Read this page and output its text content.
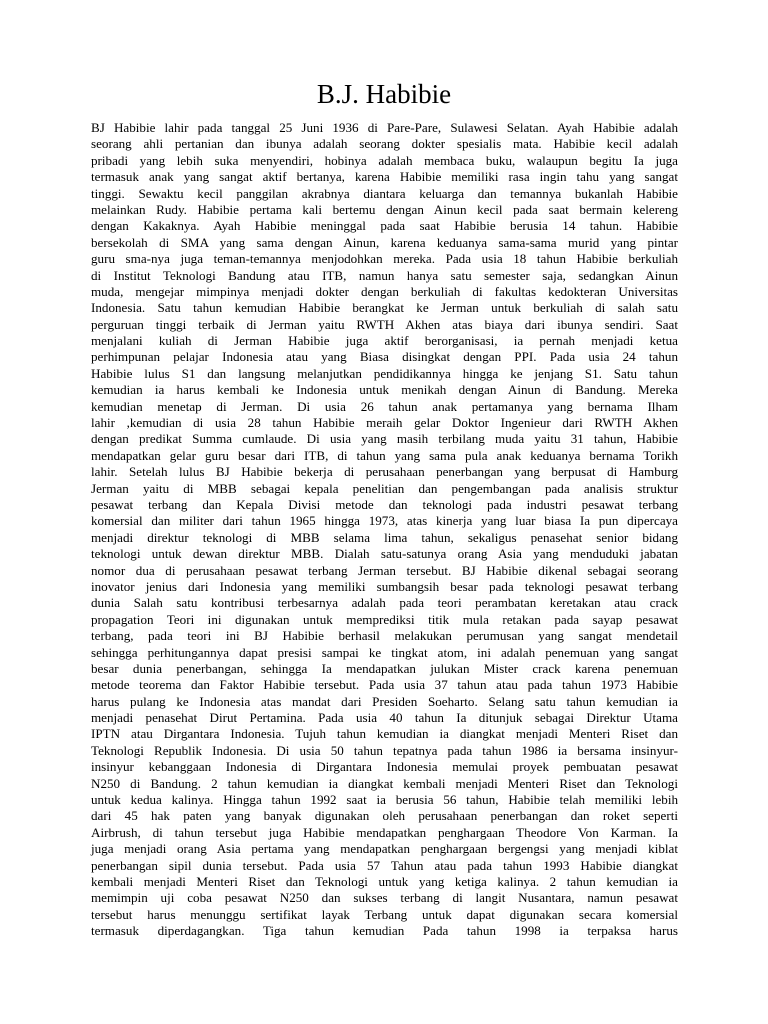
B.J. Habibie
BJ Habibie lahir pada tanggal 25 Juni 1936 di Pare-Pare, Sulawesi Selatan. Ayah Habibie adalah
seorang ahli pertanian dan ibunya adalah seorang dokter spesialis mata. Habibie kecil adalah
pribadi yang lebih suka menyendiri, hobinya adalah membaca buku, walaupun begitu Ia juga
termasuk anak yang sangat aktif bertanya, karena Habibie memiliki rasa ingin tahu yang sangat
tinggi. Sewaktu kecil panggilan akrabnya diantara keluarga dan temannya bukanlah Habibie
melainkan Rudy. Habibie pertama kali bertemu dengan Ainun kecil pada saat bermain kelereng
dengan Kakaknya. Ayah Habibie meninggal pada saat Habibie berusia 14 tahun. Habibie
bersekolah di SMA yang sama dengan Ainun, karena keduanya sama-sama murid yang pintar
guru sma-nya juga teman-temannya menjodohkan mereka. Pada usia 18 tahun Habibie berkuliah
di Institut Teknologi Bandung atau ITB, namun hanya satu semester saja, sedangkan Ainun
muda, mengejar mimpinya menjadi dokter dengan berkuliah di fakultas kedokteran Universitas
Indonesia. Satu tahun kemudian Habibie berangkat ke Jerman untuk berkuliah di salah satu
perguruan tinggi terbaik di Jerman yaitu RWTH Akhen atas biaya dari ibunya sendiri. Saat
menjalani kuliah di Jerman Habibie juga aktif berorganisasi, ia pernah menjadi ketua
perhimpunan pelajar Indonesia atau yang Biasa disingkat dengan PPI. Pada usia 24 tahun
Habibie lulus S1 dan langsung melanjutkan pendidikannya hingga ke jenjang S1. Satu tahun
kemudian ia harus kembali ke Indonesia untuk menikah dengan Ainun di Bandung. Mereka
kemudian menetap di Jerman. Di usia 26 tahun anak pertamanya yang bernama Ilham
lahir ,kemudian di usia 28 tahun Habibie meraih gelar Doktor Ingenieur dari RWTH Akhen
dengan predikat Summa cumlaude. Di usia yang masih terbilang muda yaitu 31 tahun, Habibie
mendapatkan gelar guru besar dari ITB, di tahun yang sama pula anak keduanya bernama Torikh
lahir. Setelah lulus BJ Habibie bekerja di perusahaan penerbangan yang berpusat di Hamburg
Jerman yaitu di MBB sebagai kepala penelitian dan pengembangan pada analisis struktur
pesawat terbang dan Kepala Divisi metode dan teknologi pada industri pesawat terbang
komersial dan militer dari tahun 1965 hingga 1973, atas kinerja yang luar biasa Ia pun dipercaya
menjadi direktur teknologi di MBB selama lima tahun, sekaligus penasehat senior bidang
teknologi untuk dewan direktur MBB. Dialah satu-satunya orang Asia yang menduduki jabatan
nomor dua di perusahaan pesawat terbang Jerman tersebut. BJ Habibie dikenal sebagai seorang
inovator jenius dari Indonesia yang memiliki sumbangsih besar pada teknologi pesawat terbang
dunia Salah satu kontribusi terbesarnya adalah pada teori perambatan keretakan atau crack
propagation Teori ini digunakan untuk memprediksi titik mula retakan pada sayap pesawat
terbang, pada teori ini BJ Habibie berhasil melakukan perumusan yang sangat mendetail
sehingga perhitungannya dapat presisi sampai ke tingkat atom, ini adalah penemuan yang sangat
besar dunia penerbangan, sehingga Ia mendapatkan julukan Mister crack karena penemuan
metode teorema dan Faktor Habibie tersebut. Pada usia 37 tahun atau pada tahun 1973 Habibie
harus pulang ke Indonesia atas mandat dari Presiden Soeharto. Selang satu tahun kemudian ia
menjadi penasehat Dirut Pertamina. Pada usia 40 tahun Ia ditunjuk sebagai Direktur Utama
IPTN atau Dirgantara Indonesia. Tujuh tahun kemudian ia diangkat menjadi Menteri Riset dan
Teknologi Republik Indonesia. Di usia 50 tahun tepatnya pada tahun 1986 ia bersama insinyur-
insinyur kebanggaan Indonesia di Dirgantara Indonesia memulai proyek pembuatan pesawat
N250 di Bandung. 2 tahun kemudian ia diangkat kembali menjadi Menteri Riset dan Teknologi
untuk kedua kalinya. Hingga tahun 1992 saat ia berusia 56 tahun, Habibie telah memiliki lebih
dari 45 hak paten yang banyak digunakan oleh perusahaan penerbangan dan roket seperti
Airbrush, di tahun tersebut juga Habibie mendapatkan penghargaan Theodore Von Karman. Ia
juga menjadi orang Asia pertama yang mendapatkan penghargaan bergengsi yang menjadi kiblat
penerbangan sipil dunia tersebut. Pada usia 57 Tahun atau pada tahun 1993 Habibie diangkat
kembali menjadi Menteri Riset dan Teknologi untuk yang ketiga kalinya. 2 tahun kemudian ia
memimpin uji coba pesawat N250 dan sukses terbang di langit Nusantara, namun pesawat
tersebut harus menunggu sertifikat layak Terbang untuk dapat digunakan secara komersial
termasuk diperdagangkan. Tiga tahun kemudian Pada tahun 1998 ia terpaksa harus
